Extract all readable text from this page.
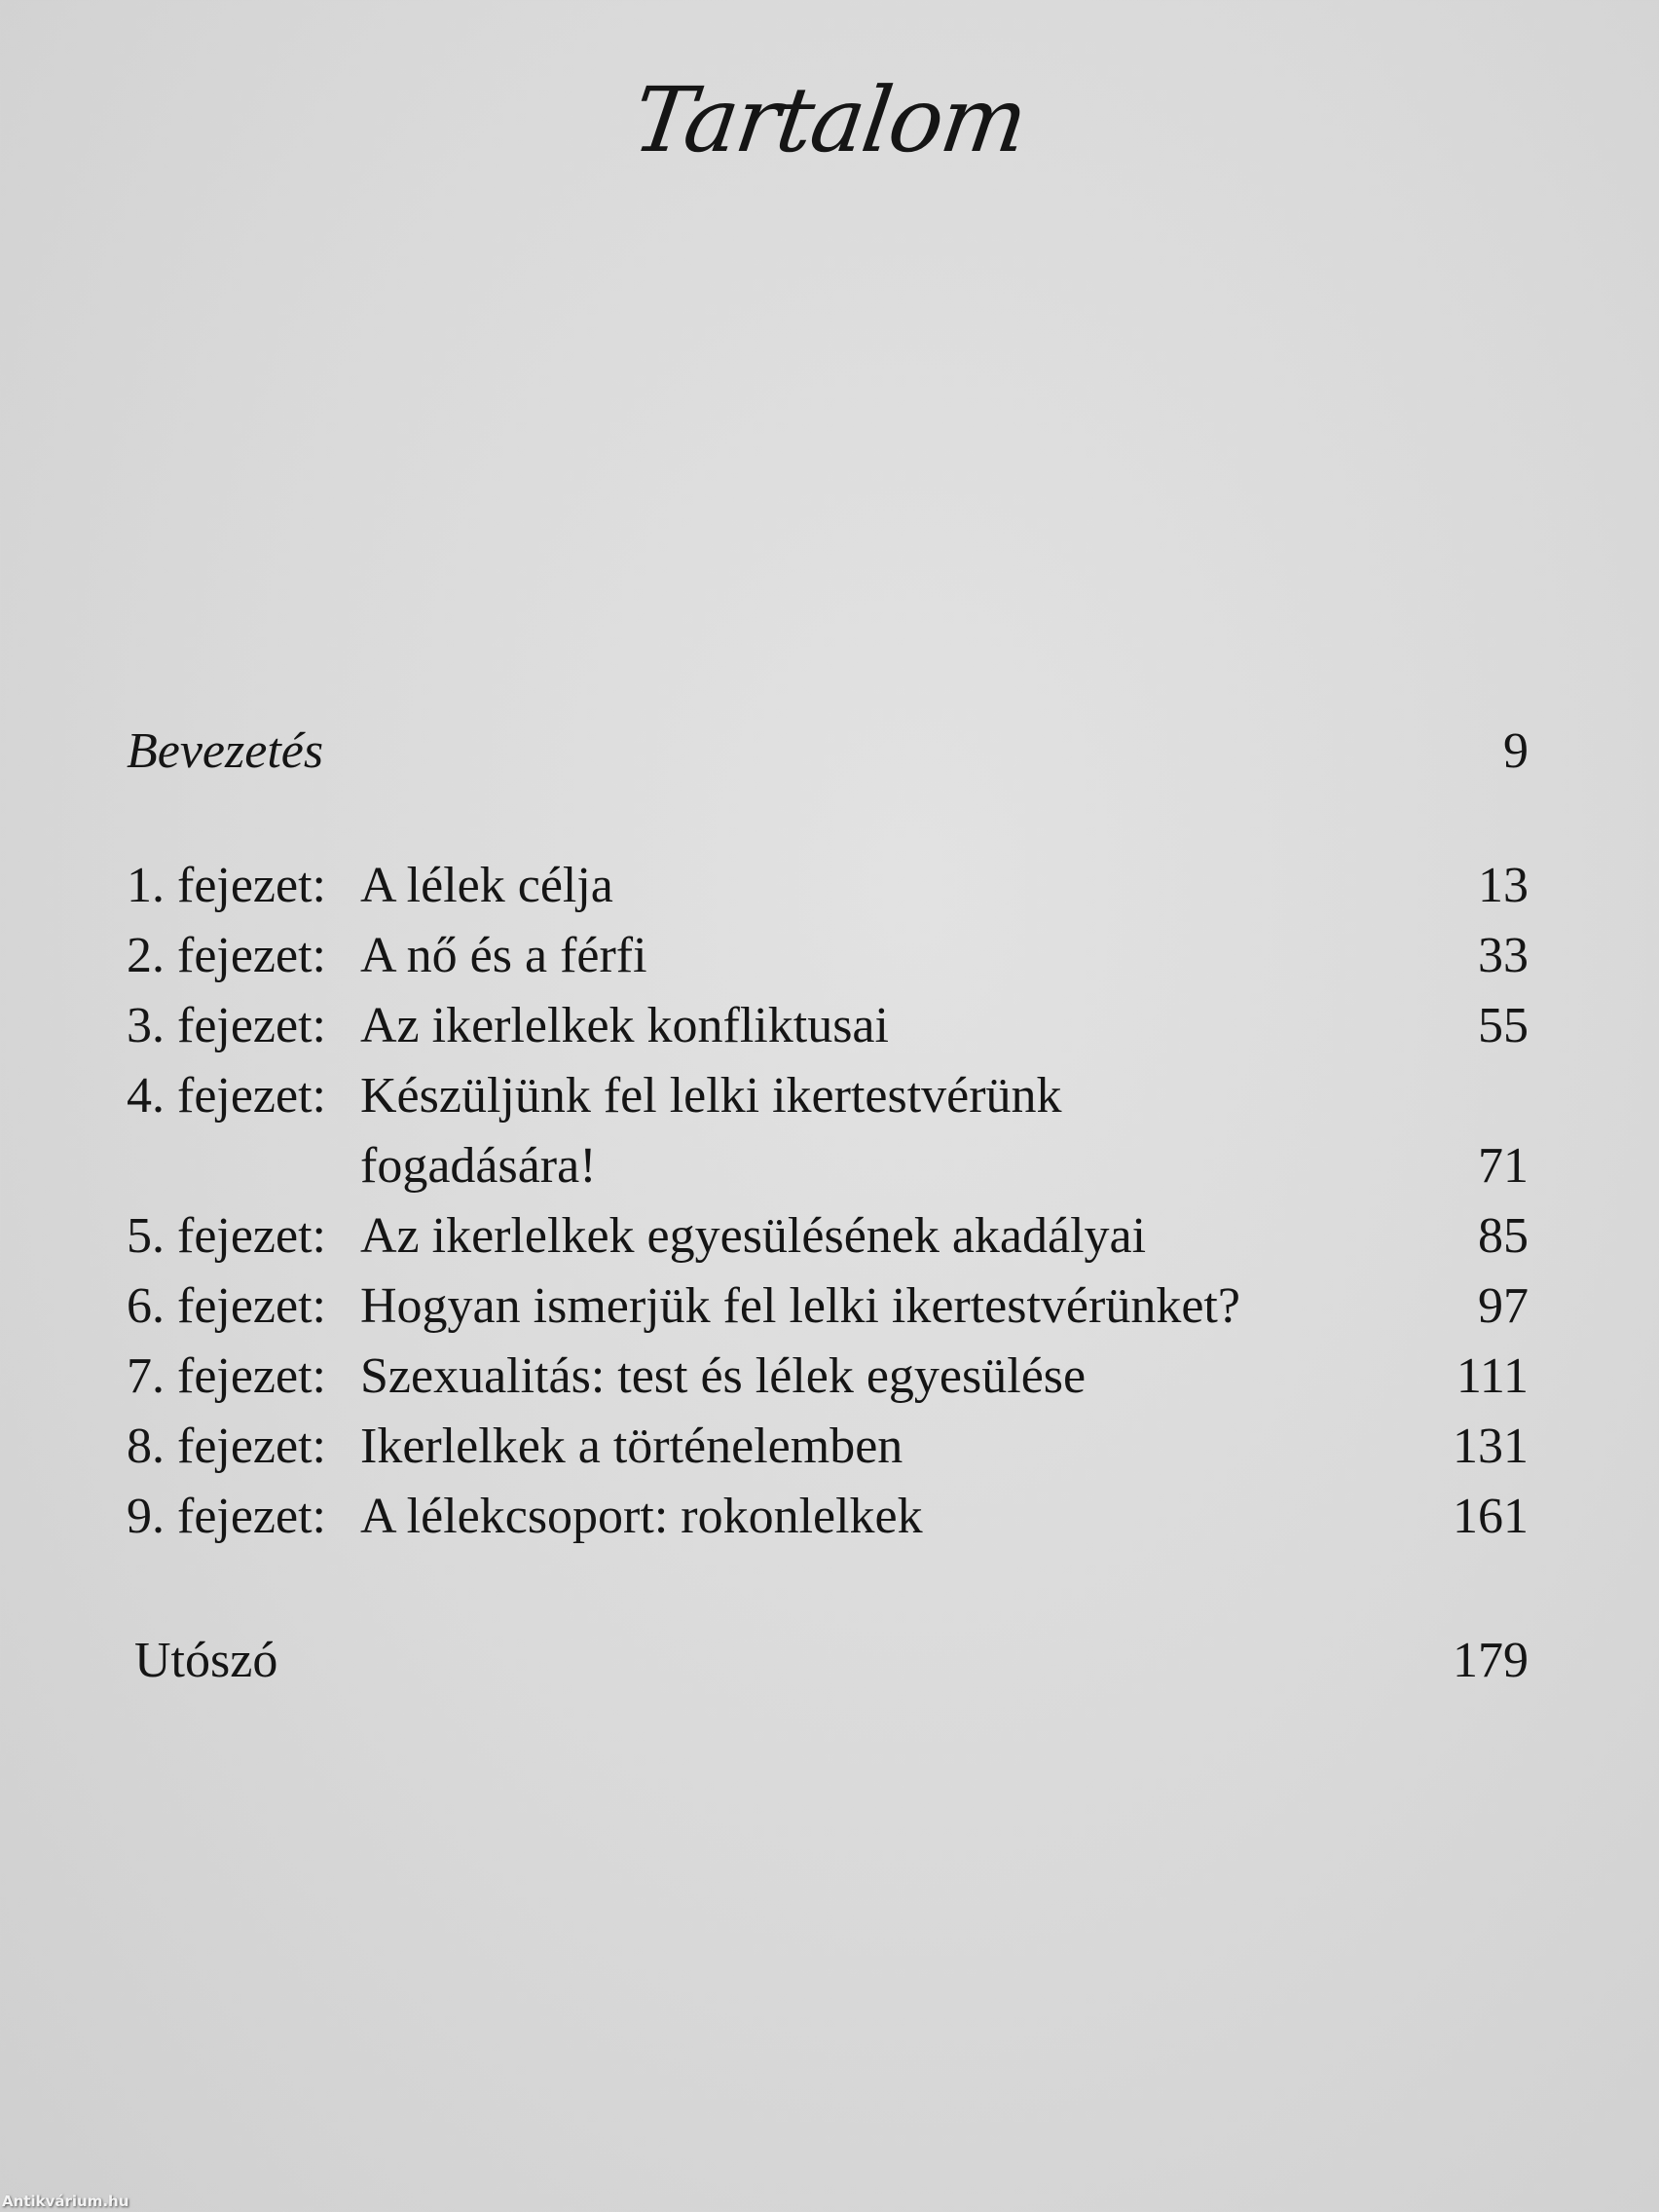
Tartalom
Bevezetés	9
1. fejezet: A lélek célja	13
2. fejezet: A nő és a férfi	33
3. fejezet: Az ikerlelkek konfliktusai	55
4. fejezet: Készüljünk fel lelki ikertestvérünk
fogadására!	71
5. fejezet: Az ikerlelkek egyesülésének akadályai	85
6. fejezet: Hogyan ismerjük fel lelki ikertestvérünket?	97
7. fejezet: Szexualitás: test és lélek egyesülése	111
8. fejezet: Ikerlelkek a történelemben	131
9. fejezet: A lélekcsoport: rokonlelkek	161
Utószó	179
Antikvárium.hu
